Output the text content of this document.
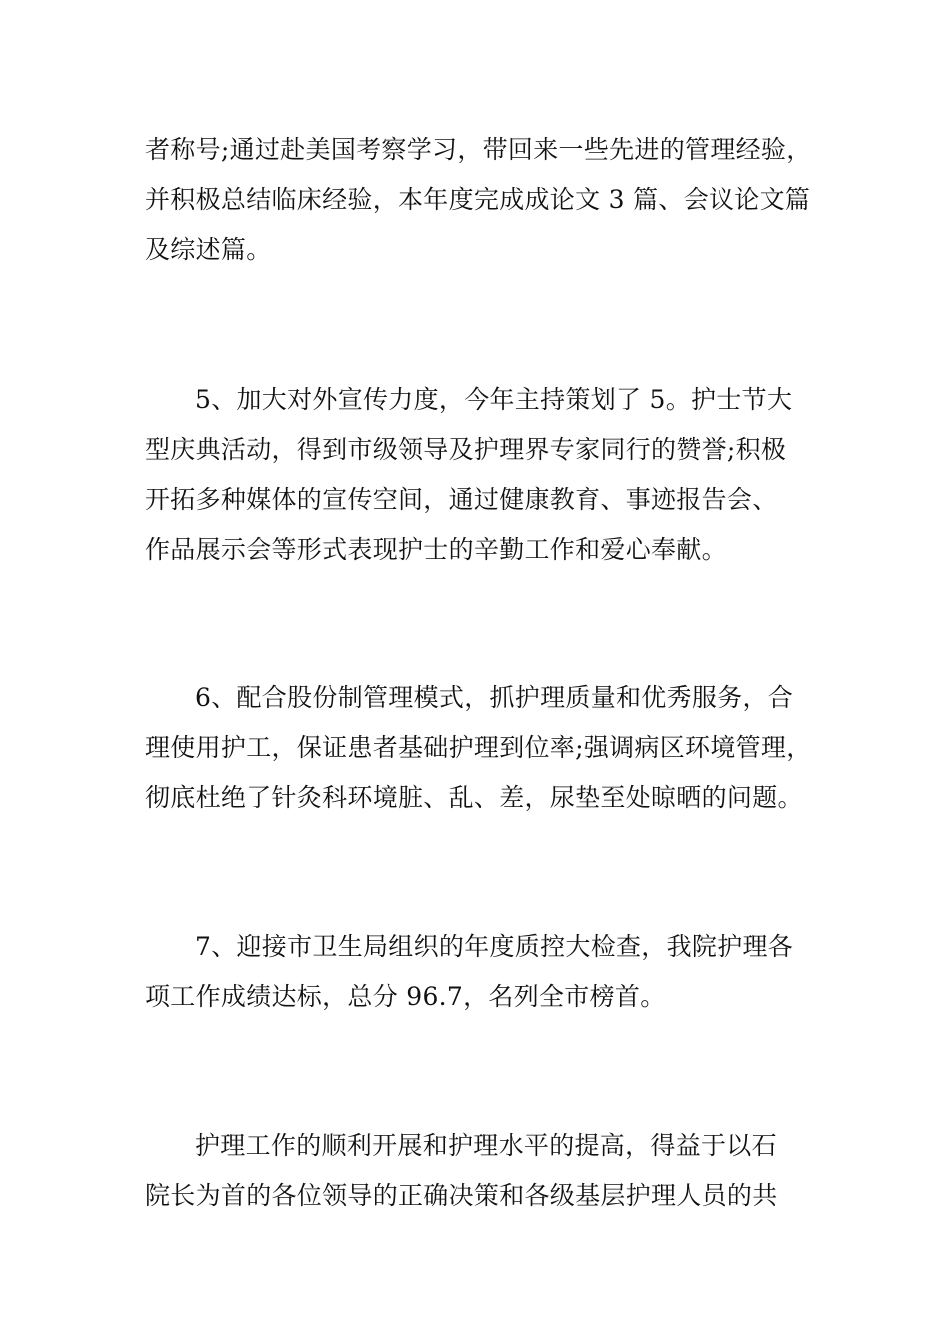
者称号;通过赴美国考察学习，带回来一些先进的管理经验，
并积极总结临床经验，本年度完成成论文 3 篇、会议论文篇
及综述篇。
5、加大对外宣传力度，今年主持策划了 5。护士节大
型庆典活动，得到市级领导及护理界专家同行的赞誉;积极
开拓多种媒体的宣传空间，通过健康教育、事迹报告会、
作品展示会等形式表现护士的辛勤工作和爱心奉献。
6、配合股份制管理模式，抓护理质量和优秀服务，合
理使用护工，保证患者基础护理到位率;强调病区环境管理，
彻底杜绝了针灸科环境脏、乱、差，尿垫至处晾晒的问题。
7、迎接市卫生局组织的年度质控大检查，我院护理各
项工作成绩达标，总分 96.7，名列全市榜首。
护理工作的顺利开展和护理水平的提高，得益于以石
院长为首的各位领导的正确决策和各级基层护理人员的共
